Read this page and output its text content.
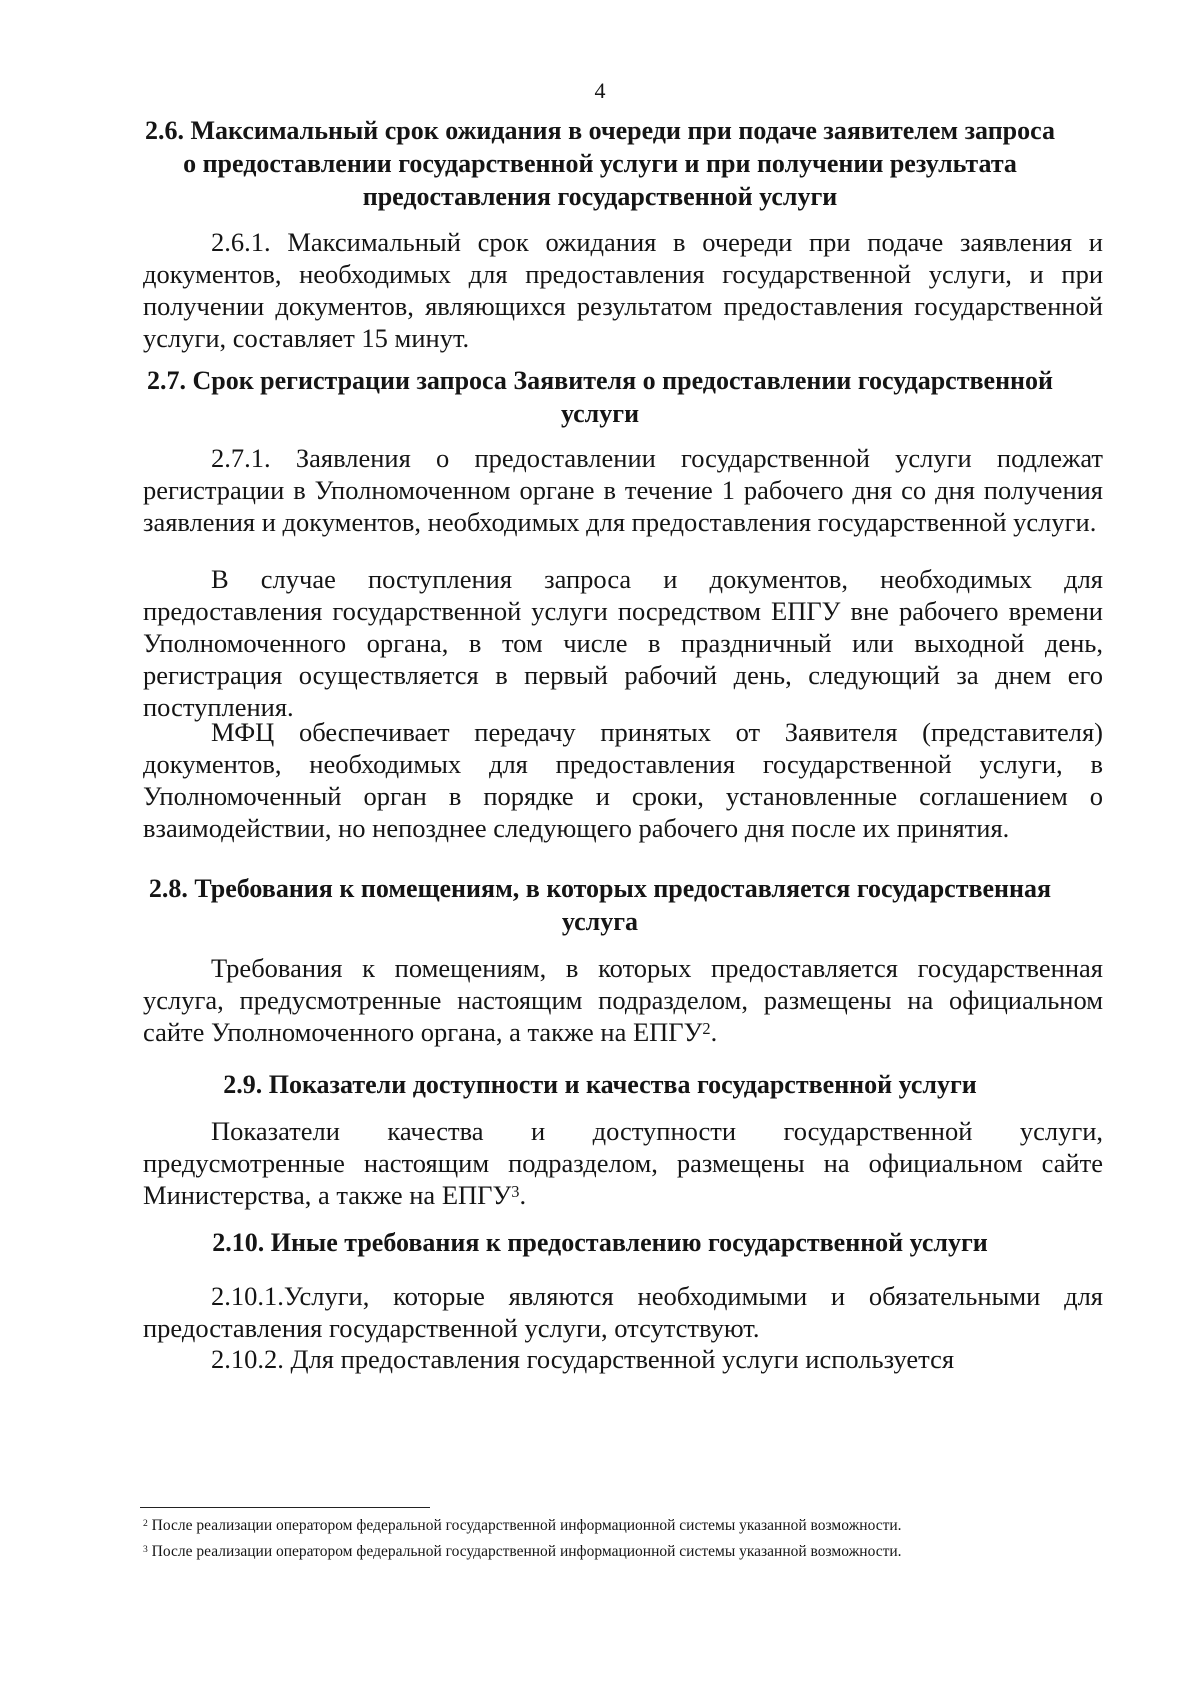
4
2.6. Максимальный срок ожидания в очереди при подаче заявителем запроса о предоставлении государственной услуги и при получении результата предоставления государственной услуги
2.6.1. Максимальный срок ожидания в очереди при подаче заявления и документов, необходимых для предоставления государственной услуги, и при получении документов, являющихся результатом предоставления государственной услуги, составляет 15 минут.
2.7. Срок регистрации запроса Заявителя о предоставлении государственной услуги
2.7.1. Заявления о предоставлении государственной услуги подлежат регистрации в Уполномоченном органе в течение 1 рабочего дня со дня получения заявления и документов, необходимых для предоставления государственной услуги.
В случае поступления запроса и документов, необходимых для предоставления государственной услуги посредством ЕПГУ вне рабочего времени Уполномоченного органа, в том числе в праздничный или выходной день, регистрация осуществляется в первый рабочий день, следующий за днем его поступления.
МФЦ обеспечивает передачу принятых от Заявителя (представителя) документов, необходимых для предоставления государственной услуги, в Уполномоченный орган в порядке и сроки, установленные соглашением о взаимодействии, но непозднее следующего рабочего дня после их принятия.
2.8. Требования к помещениям, в которых предоставляется государственная услуга
Требования к помещениям, в которых предоставляется государственная услуга, предусмотренные настоящим подразделом, размещены на официальном сайте Уполномоченного органа, а также на ЕПГУ$^2$.
2.9. Показатели доступности и качества государственной услуги
Показатели качества и доступности государственной услуги, предусмотренные настоящим подразделом, размещены на официальном сайте Министерства, а также на ЕПГУ$^3$.
2.10. Иные требования к предоставлению государственной услуги
2.10.1.Услуги, которые являются необходимыми и обязательными для предоставления государственной услуги, отсутствуют.
2.10.2. Для предоставления государственной услуги используется
$^2$ После реализации оператором федеральной государственной информационной системы указанной возможности.
$^3$ После реализации оператором федеральной государственной информационной системы указанной возможности.
